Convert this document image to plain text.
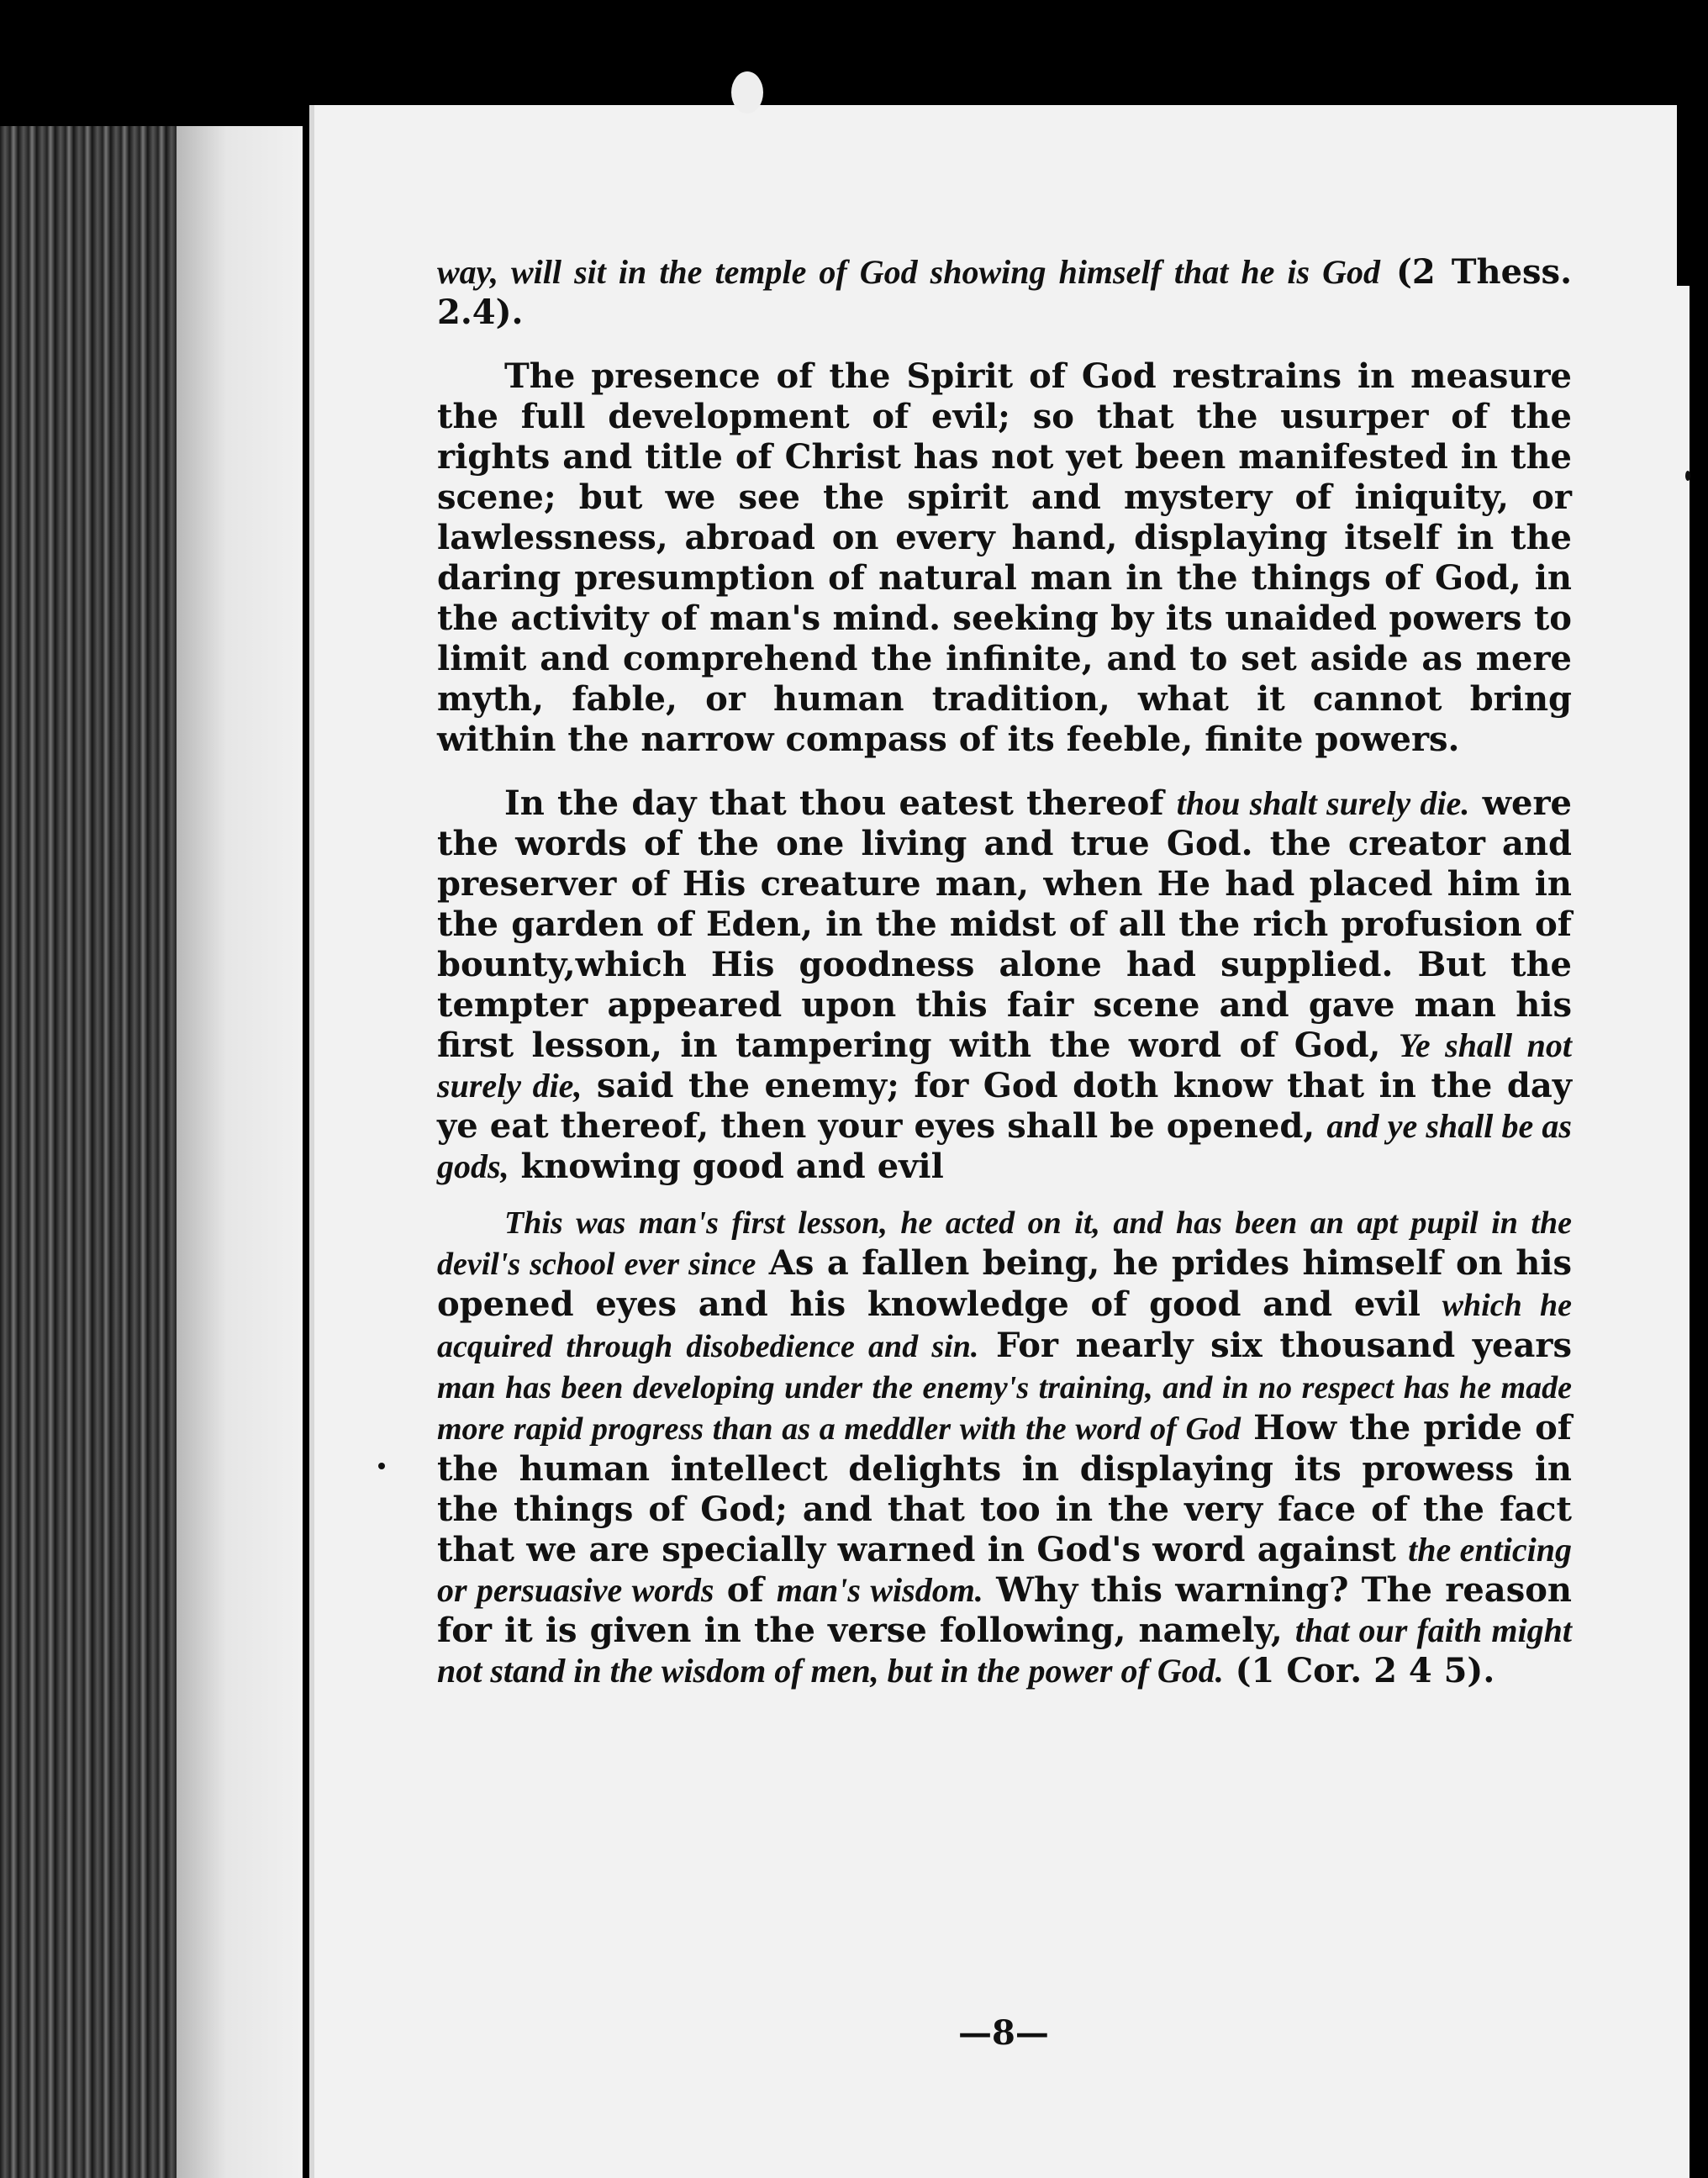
way, will sit in the temple of God showing himself that he is God (2 Thess. 2.4).

The presence of the Spirit of God restrains in measure the full development of evil; so that the usurper of the rights and title of Christ has not yet been manifested in the scene; but we see the spirit and mystery of iniquity, or lawlessness, abroad on every hand, displaying itself in the daring presumption of natural man in the things of God, in the activity of man's mind. seeking by its unaided powers to limit and comprehend the infinite, and to set aside as mere myth, fable, or human tradition, what it cannot bring within the narrow compass of its feeble, finite powers.

In the day that thou eatest thereof thou shalt surely die. were the words of the one living and true God. the creator and preserver of His creature man, when He had placed him in the garden of Eden, in the midst of all the rich profusion of bounty,which His goodness alone had supplied. But the tempter appeared upon this fair scene and gave man his first lesson, in tampering with the word of God, Ye shall not surely die, said the enemy; for God doth know that in the day ye eat thereof, then your eyes shall be opened, and ye shall be as gods, knowing good and evil

This was man's first lesson, he acted on it, and has been an apt pupil in the devil's school ever since As a fallen being, he prides himself on his opened eyes and his knowledge of good and evil which he acquired through disobedience and sin. For nearly six thousand years man has been developing under the enemy's training, and in no respect has he made more rapid progress than as a meddler with the word of God How the pride of the human intellect delights in displaying its prowess in the things of God; and that too in the very face of the fact that we are specially warned in God's word against the enticing or persuasive words of man's wisdom. Why this warning? The reason for it is given in the verse following, namely, that our faith might not stand in the wisdom of men, but in the power of God. (1 Cor. 2 4 5).

—8—
